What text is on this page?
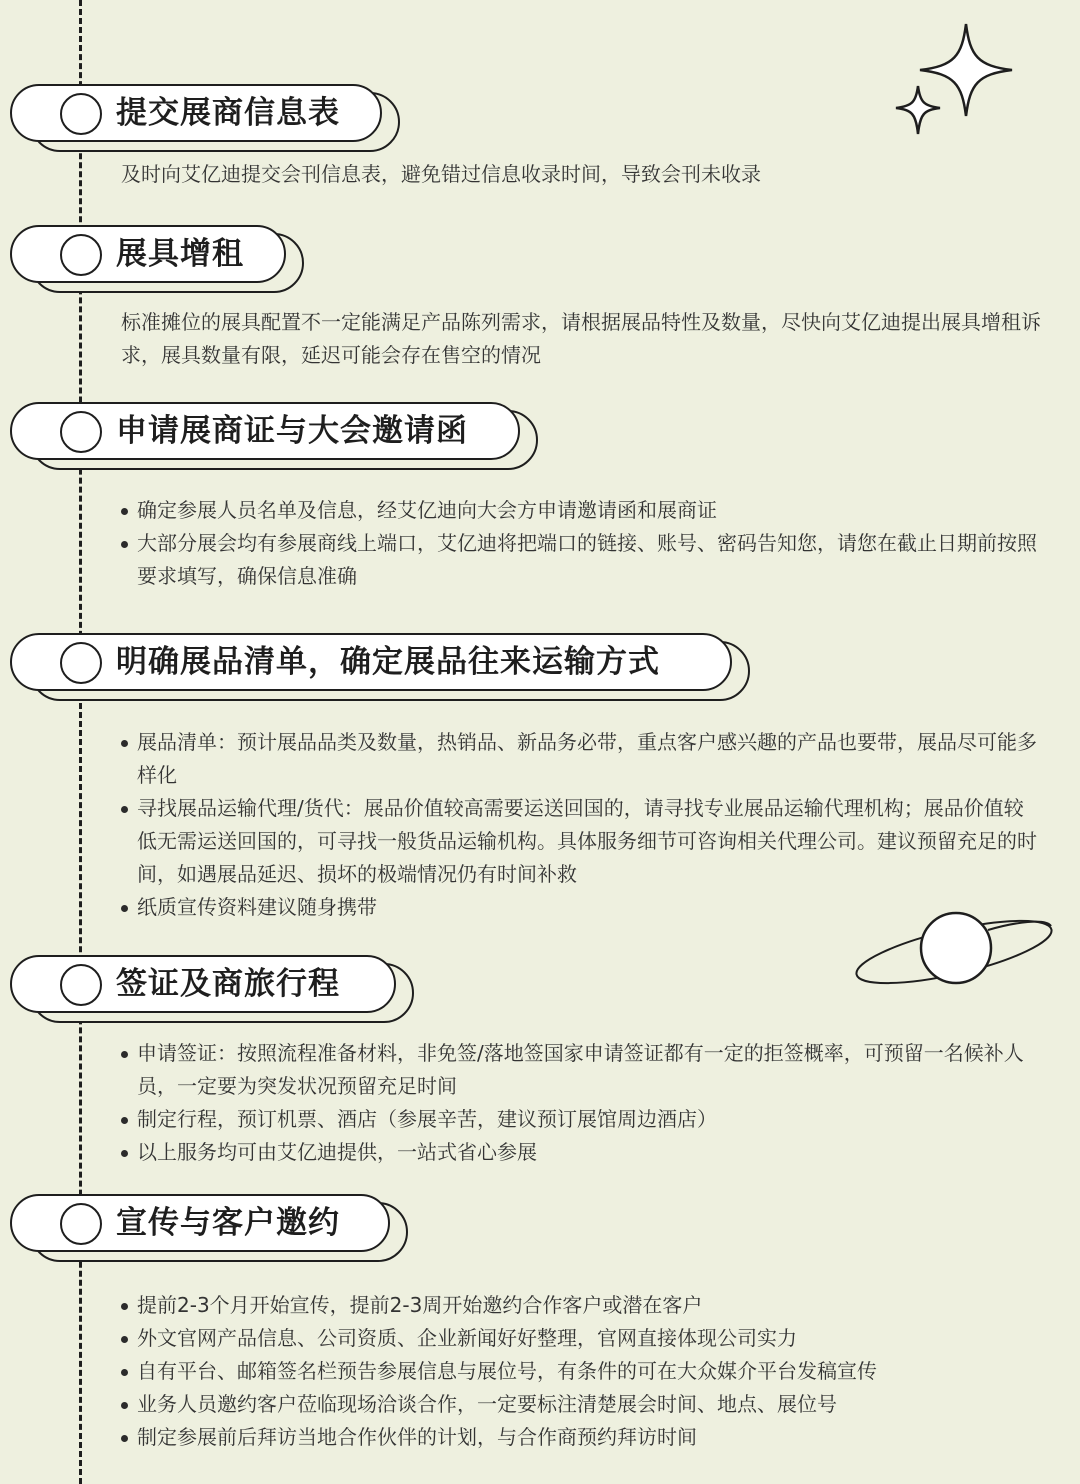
提交展商信息表
及时向艾亿迪提交会刊信息表，避免错过信息收录时间，导致会刊未收录
展具增租
标准摊位的展具配置不一定能满足产品陈列需求，请根据展品特性及数量，尽快向艾亿迪提出展具增租诉求，展具数量有限，延迟可能会存在售空的情况
申请展商证与大会邀请函
确定参展人员名单及信息，经艾亿迪向大会方申请邀请函和展商证
大部分展会均有参展商线上端口，艾亿迪将把端口的链接、账号、密码告知您，请您在截止日期前按照要求填写，确保信息准确
明确展品清单，确定展品往来运输方式
展品清单：预计展品品类及数量，热销品、新品务必带，重点客户感兴趣的产品也要带，展品尽可能多样化
寻找展品运输代理/货代：展品价值较高需要运送回国的，请寻找专业展品运输代理机构；展品价值较低无需运送回国的，可寻找一般货品运输机构。具体服务细节可咨询相关代理公司。建议预留充足的时间，如遇展品延迟、损坏的极端情况仍有时间补救
纸质宣传资料建议随身携带
签证及商旅行程
申请签证：按照流程准备材料，非免签/落地签国家申请签证都有一定的拒签概率，可预留一名候补人员，一定要为突发状况预留充足时间
制定行程，预订机票、酒店（参展辛苦，建议预订展馆周边酒店）
以上服务均可由艾亿迪提供，一站式省心参展
宣传与客户邀约
提前2-3个月开始宣传，提前2-3周开始邀约合作客户或潜在客户
外文官网产品信息、公司资质、企业新闻好好整理，官网直接体现公司实力
自有平台、邮箱签名栏预告参展信息与展位号，有条件的可在大众媒介平台发稿宣传
业务人员邀约客户莅临现场洽谈合作，一定要标注清楚展会时间、地点、展位号
制定参展前后拜访当地合作伙伴的计划，与合作商预约拜访时间
